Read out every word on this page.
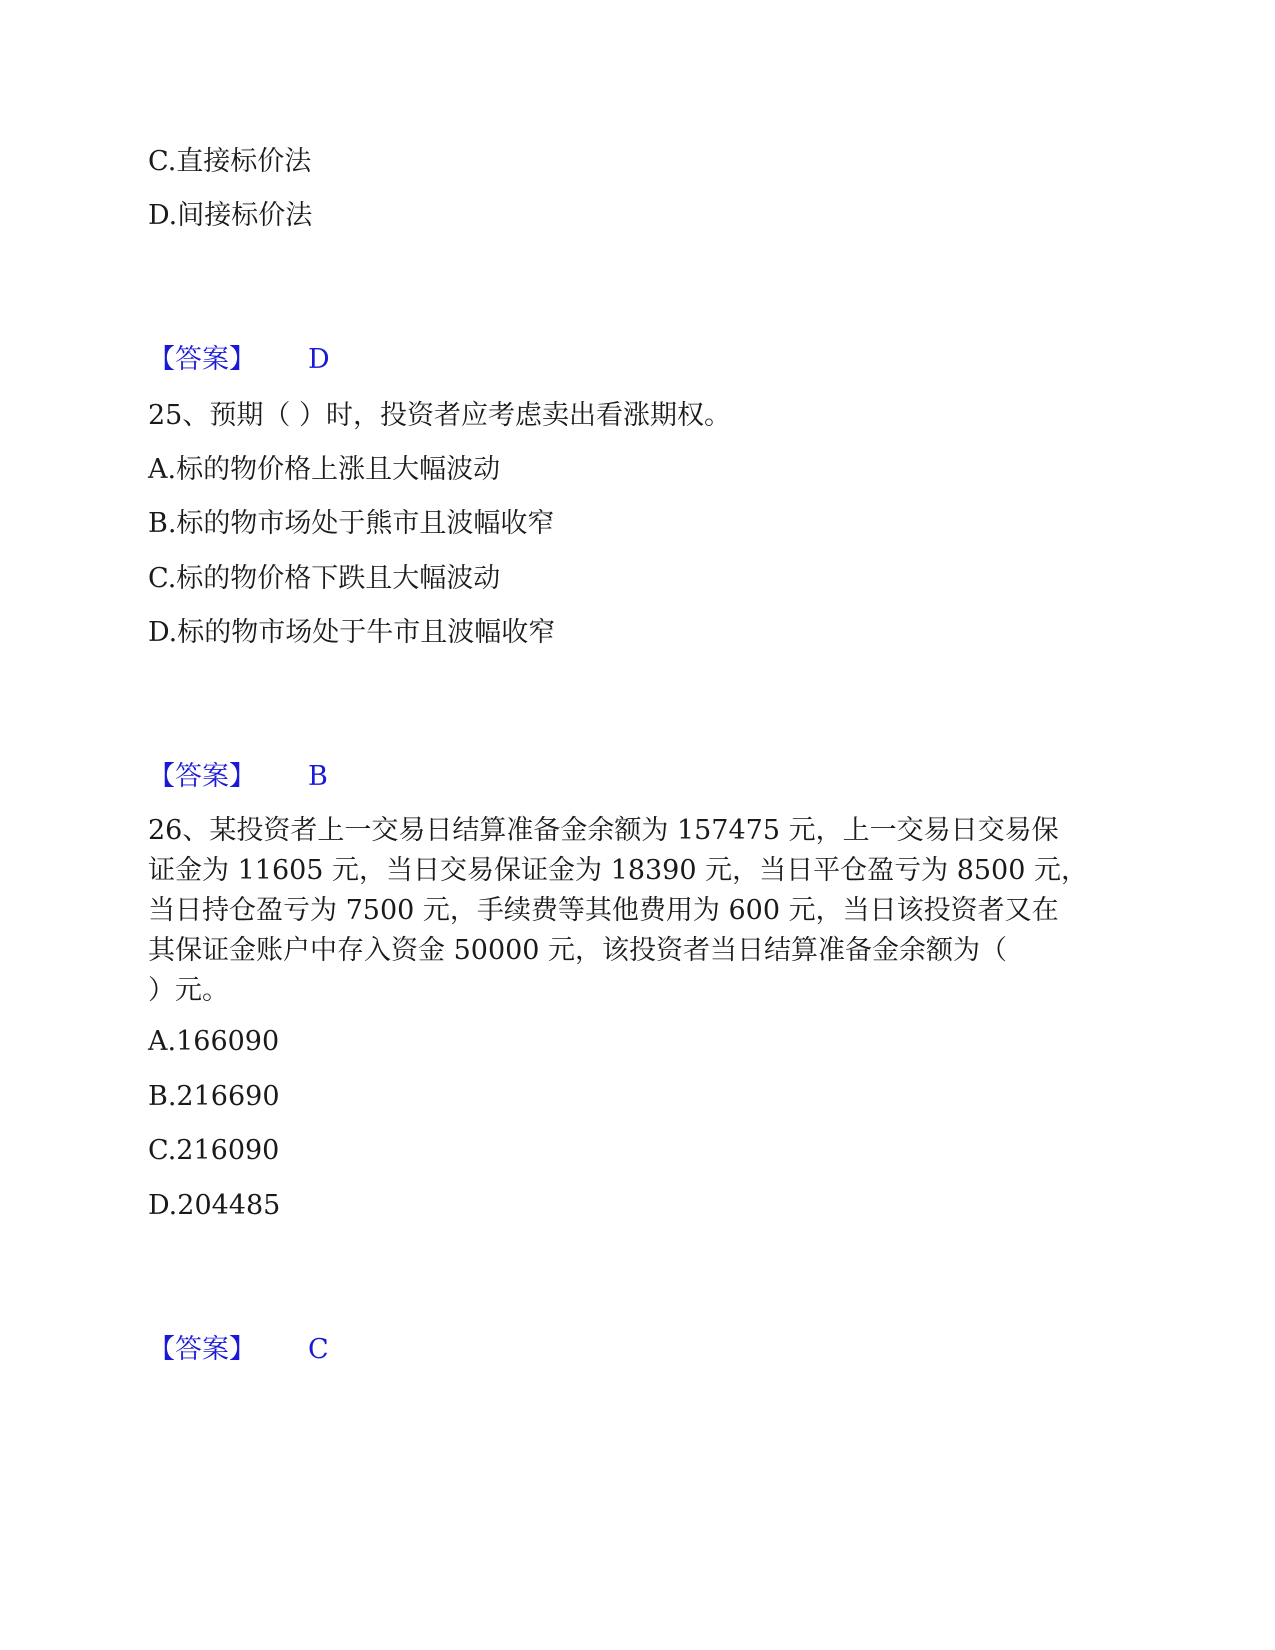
C.直接标价法
D.间接标价法
【答案】 D
25、预期（ ）时，投资者应考虑卖出看涨期权。
A.标的物价格上涨且大幅波动
B.标的物市场处于熊市且波幅收窄
C.标的物价格下跌且大幅波动
D.标的物市场处于牛市且波幅收窄
【答案】 B
26、某投资者上一交易日结算准备金余额为 157475 元，上一交易日交易保
证金为 11605 元，当日交易保证金为 18390 元，当日平仓盈亏为 8500 元，
当日持仓盈亏为 7500 元，手续费等其他费用为 600 元，当日该投资者又在
其保证金账户中存入资金 50000 元，该投资者当日结算准备金余额为（
）元。
A.166090
B.216690
C.216090
D.204485
【答案】 C
